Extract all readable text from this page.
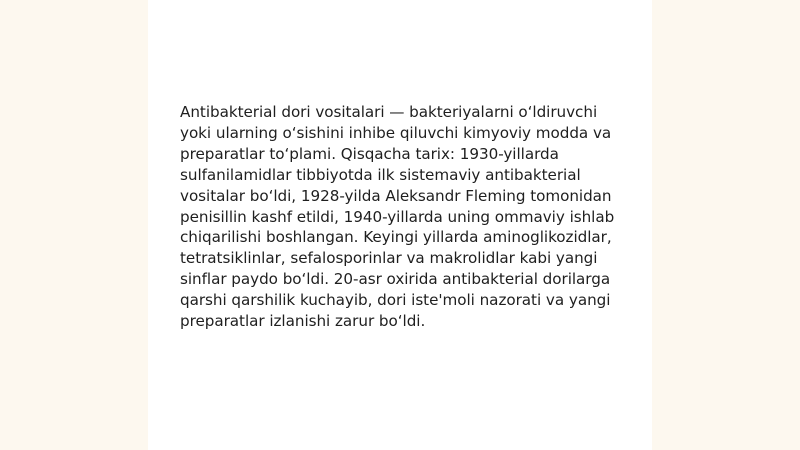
Antibakterial dori vositalari — bakteriyalarni o‘ldiruvchi yoki ularning o‘sishini inhibe qiluvchi kimyoviy modda va preparatlar to‘plami. Qisqacha tarix: 1930-yillarda sulfanilamidlar tibbiyotda ilk sistemaviy antibakterial vositalar bo‘ldi, 1928-yilda Aleksandr Fleming tomonidan penisillin kashf etildi, 1940-yillarda uning ommaviy ishlab chiqarilishi boshlangan. Keyingi yillarda aminoglikozidlar, tetratsiklinlar, sefalosporinlar va makrolidlar kabi yangi sinflar paydo bo‘ldi. 20-asr oxirida antibakterial dorilarga qarshi qarshilik kuchayib, dori iste'moli nazorati va yangi preparatlar izlanishi zarur bo‘ldi.
